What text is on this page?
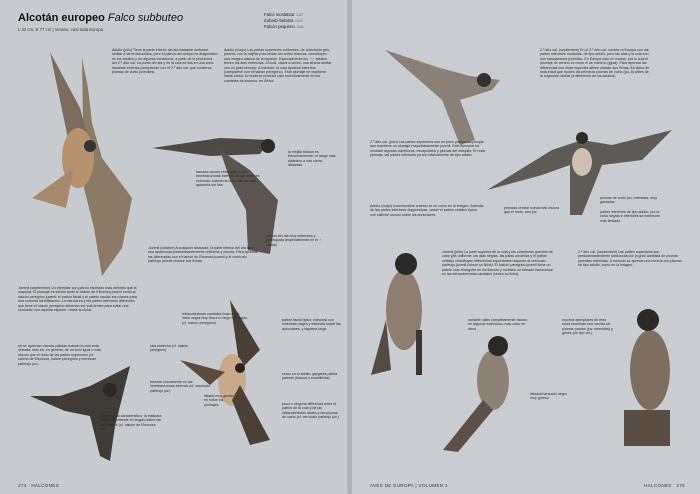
Alcotán europeo Falco subbuteo
L 32 cm, E 77 cm | Verano, casi toda Europa
Falcó mostatxut CAT
Zuhaitz-belatza EUS
Falcón pequeno GAL
Adulto (julio) Tiene la parte inferior del ala bastante uniforme, similar a otros falconidos, pero el patrón del cuerpo es diagnóstico en los adultos y en algunos inmaduros, a partir de la primavera del 2.º año cal. La punta del ala y de la cola es lisa en una zona bastante extensa (compárese con el 2.º año cal. que conserva plumas de vuelo juveniles).
Adulto (mayo) Las partes superiores uniformes, de coloración gris-pizarra, con la mejilla y las bridas del cuello blancas, constituyen una imagen clásica de la especie. Especialmente los ♂♂ adultos tienen las alas estrechas. Al cual, vistos a veces, una silueta similar con un gran vencejo. A menudo, la cola aparece estrecha (compárese con el halcón peregrino). Este plumaje se mantiene hasta otoño; la muda se produce casi exclusivamente en los cuarteles de invierno, en África.
la mejilla blanca es, frecuentemente, el rasgo más distintivo a una cierta distancia
barrado oscuro restringido a las hembras/zonas internas de las rectrices externas; cuando la cola está cerrada aparenta ser lisa
puntos del ala muy estrechos y puntiaguda (especialmente en el ♂ adulto)
Juvenil (octubre) A cualquier distancia, la parte inferior del ala tiene una apariencia predominantemente uniforme y oscura. Para apreciar las diferencias con el halcón de Eleonora juvenil y el cernícalo patirrojo juvenil véanse sus fichas.
Juvenil (septiembre) Un ejemplar con patrón escritado más definido que la mayoría. El plumaje es similar tanto al halcón de Eleonora juvenil como al halcón peregrino juvenil; el patrón facial y el patrón caudal son claves para una correcta identificación. La estructura y las partes inferiores diferentes que tiene el halcón peregrino deberían ser suficientes para evitar una confusión con aquella especie; véase su ficha.
ne se aprecian marcas pálidas cuando la cola está cerrada; esto es, en general, de un tono igual o más oscuro que el resto de las partes superiores (cf. halcón de Eleonora, halcón peregrino y cernícalo patirrojo juv.)
patrón facial característico; la máscara negra se extiende en ángulo sobre las auriculares (cf. halcón de Eleonora juv.)
infracobertoras caudales lisas o con línea negra muy fina a lo largo del raquis (cf. halcón peregrino)
rala estrecha (cf. halcón peregrino)
barrado únicamente en las hembras/zonas internas (cf. cernícalo patirrojo juv.)
listado muy grueso en todos los plumajes
patrón facial típico; máscara con extensión negra y estrecha sobre las auriculares, y bigotera larga
como en el adulto, garganta pálida patente (blanca o amarillenta)
poco o ninguna diferencia entre el patrón de la cola y de las infracobertoras alares y las plumas de vuelo (cf. cernícalo patirrojo juv.)
274 HALCONES
2.º año cal. (septiembre) En el 2.º año cal. vuelven a Europa con las partes inferiores mudadas, de tipo adulto, pero las alas y la cola son aún básicamente juveniles. En Europa casi no mudan, por lo cual el plumaje de verano es como el de invierno (igual). Para apreciar las diferencias con otras especies afines véanse sus fichas. Es típico de esta edad que muden las primeras plumas de vuelo (p4–5) antes de la migración otoñal (a diferencia de los adultos).
2.º año cal. (julio) Las partes superiores son un poco parduscas porque aún mantiene un plumaje mayoritariamente juvenil. Este ejemplar ha mudado algunas cobertoras, escapulares y plumas del obispillo. En este plumaje, las partes inferiores ya son básicamente de tipo adulto.
primaria central nueva más oscura que el resto, aún juv.
plumas de vuelo juv. retenidas, muy gastadas
partes inferiores de tipo adulto, por la zona negras e interiores se extensión más limitada
Adulto (mayo) Inconfundible cuando se ve como en la imagen. Además de las partes inferiores diagnósticas, véase el patrón cefálico típico, con saliente oscuro sobre las auriculares.
Juvenil (julio) La parte superior de la cola y las cobertoras grandes de color gris uniforme, las alas negras, las patas amarillas y el patrón cefálico constituyen diferencias importantes respecto al cernícalo patirrojo juvenil (véase su ficha). El halcón peregrino juvenil tiene un patrón más triangular en los flancos y muestra un barrado transversal en las infracobertoras caudales (véase su ficha).
variable: piles completamente oscuro en algunos individuos, más claro en otros
2.º año cal. (septiembre) Las partes superiores son predominantemente parduscas por la gran cantidad de plumas juveniles retenidas. A menudo se aprecia una mezcla con plumas de tipo adulto, como en la imagen.
muchos ejemplares de esta edad muestran una mezcla de plumas pardas (juv. retenidas) y grises (de tipo ad.)
listado/marteado negro muy grueso
AVES DE EUROPA | VOLUMEN 1	HALCONES 275
